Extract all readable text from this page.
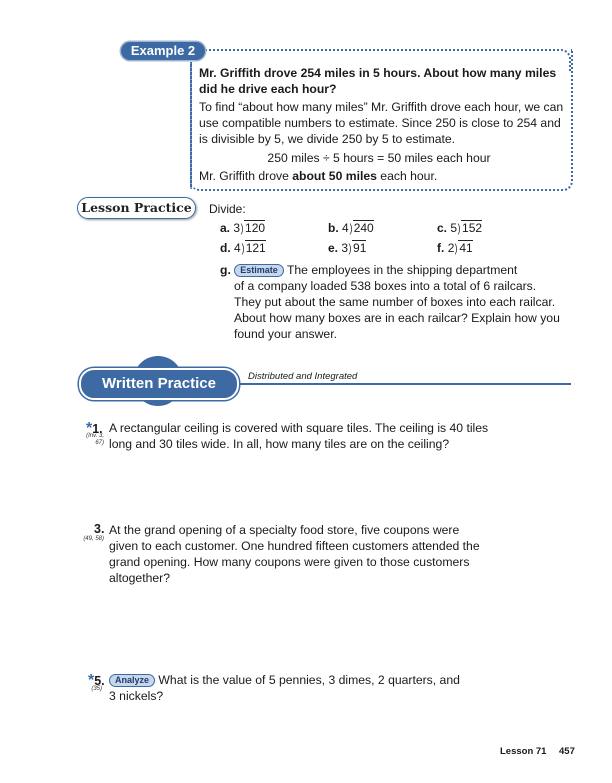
Example 2
Mr. Griffith drove 254 miles in 5 hours. About how many miles
did he drive each hour?
To find “about how many miles” Mr. Griffith drove each hour, we can
use compatible numbers to estimate. Since 250 is close to 254 and
is divisible by 5, we divide 250 by 5 to estimate.
250 miles ÷ 5 hours = 50 miles each hour
Mr. Griffith drove about 50 miles each hour.
Lesson Practice	Divide:
a. 3) 120	b. 4) 240	c. 5) 152
d. 4) 121	e. 3) 91	f. 2) 41
g. Estimate The employees in the shipping department
of a company loaded 538 boxes into a total of 6 railcars.
They put about the same number of boxes into each railcar.
About how many boxes are in each railcar? Explain how you
found your answer.
Written Practice	Distributed and Integrated
*1.
(Inv. 3,
67)
A rectangular ceiling is covered with square tiles. The ceiling is 40 tiles
long and 30 tiles wide. In all, how many tiles are on the ceiling?
3.
(49, 58)
At the grand opening of a specialty food store, five coupons were
given to each customer. One hundred fifteen customers attended the
grand opening. How many coupons were given to those customers
altogether?
*5.
(35)
Analyze What is the value of 5 pennies, 3 dimes, 2 quarters, and
3 nickels?
Lesson 71 457
